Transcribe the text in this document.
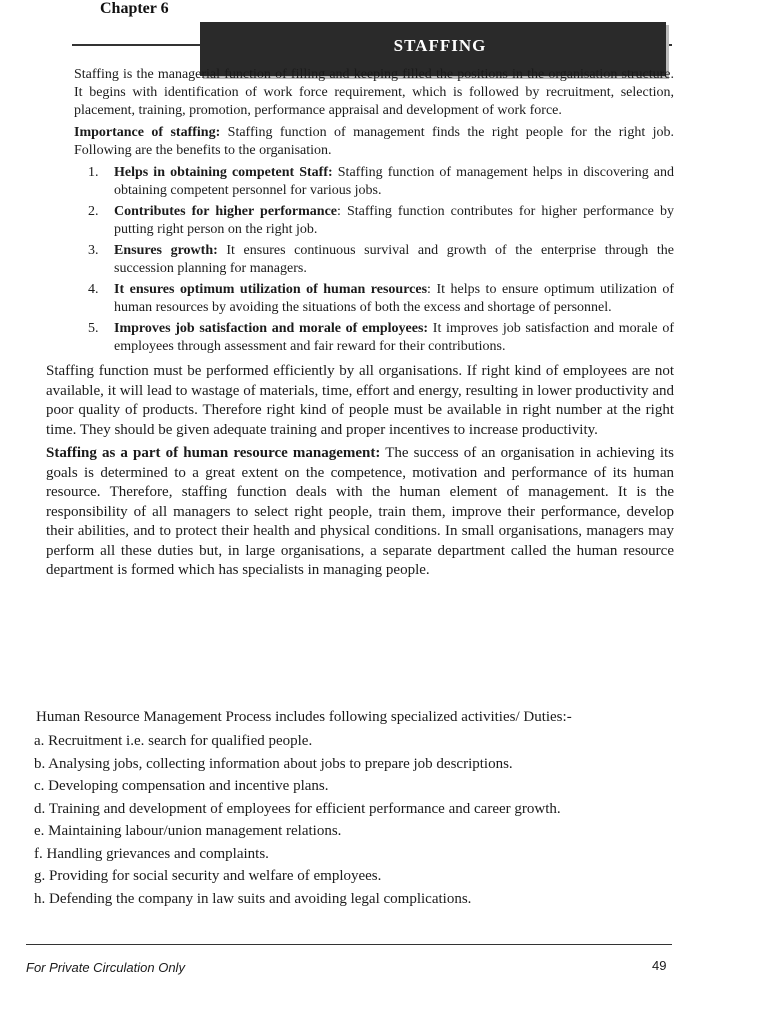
Chapter 6
STAFFING

Staffing is the managerial function of filling and keeping filled the positions in the organisation structure. It begins with identification of work force requirement, which is followed by recruitment, selection, placement, training, promotion, performance appraisal and development of work force.

Importance of staffing: Staffing function of management finds the right people for the right job. Following are the benefits to the organisation.

1. Helps in obtaining competent Staff: Staffing function of management helps in discovering and obtaining competent personnel for various jobs.
2. Contributes for higher performance: Staffing function contributes for higher performance by putting right person on the right job.
3. Ensures growth: It ensures continuous survival and growth of the enterprise through the succession planning for managers.
4. It ensures optimum utilization of human resources: It helps to ensure optimum utilization of human resources by avoiding the situations of both the excess and shortage of personnel.
5. Improves job satisfaction and morale of employees: It improves job satisfaction and morale of employees through assessment and fair reward for their contributions.

Staffing function must be performed efficiently by all organisations. If right kind of employees are not available, it will lead to wastage of materials, time, effort and energy, resulting in lower productivity and poor quality of products. Therefore right kind of people must be available in right number at the right time. They should be given adequate training and proper incentives to increase productivity.

Staffing as a part of human resource management: The success of an organisation in achieving its goals is determined to a great extent on the competence, motivation and performance of its human resource. Therefore, staffing function deals with the human element of management. It is the responsibility of all managers to select right people, train them, improve their performance, develop their abilities, and to protect their health and physical conditions. In small organisations, managers may perform all these duties but, in large organisations, a separate department called the human resource department is formed which has specialists in managing people.

Human Resource Management Process includes following specialized activities/ Duties:-
a. Recruitment i.e. search for qualified people.
b. Analysing jobs, collecting information about jobs to prepare job descriptions.
c. Developing compensation and incentive plans.
d. Training and development of employees for efficient performance and career growth.
e. Maintaining labour/union management relations.
f. Handling grievances and complaints.
g. Providing for social security and welfare of employees.
h. Defending the company in law suits and avoiding legal complications.
For Private Circulation Only	49
